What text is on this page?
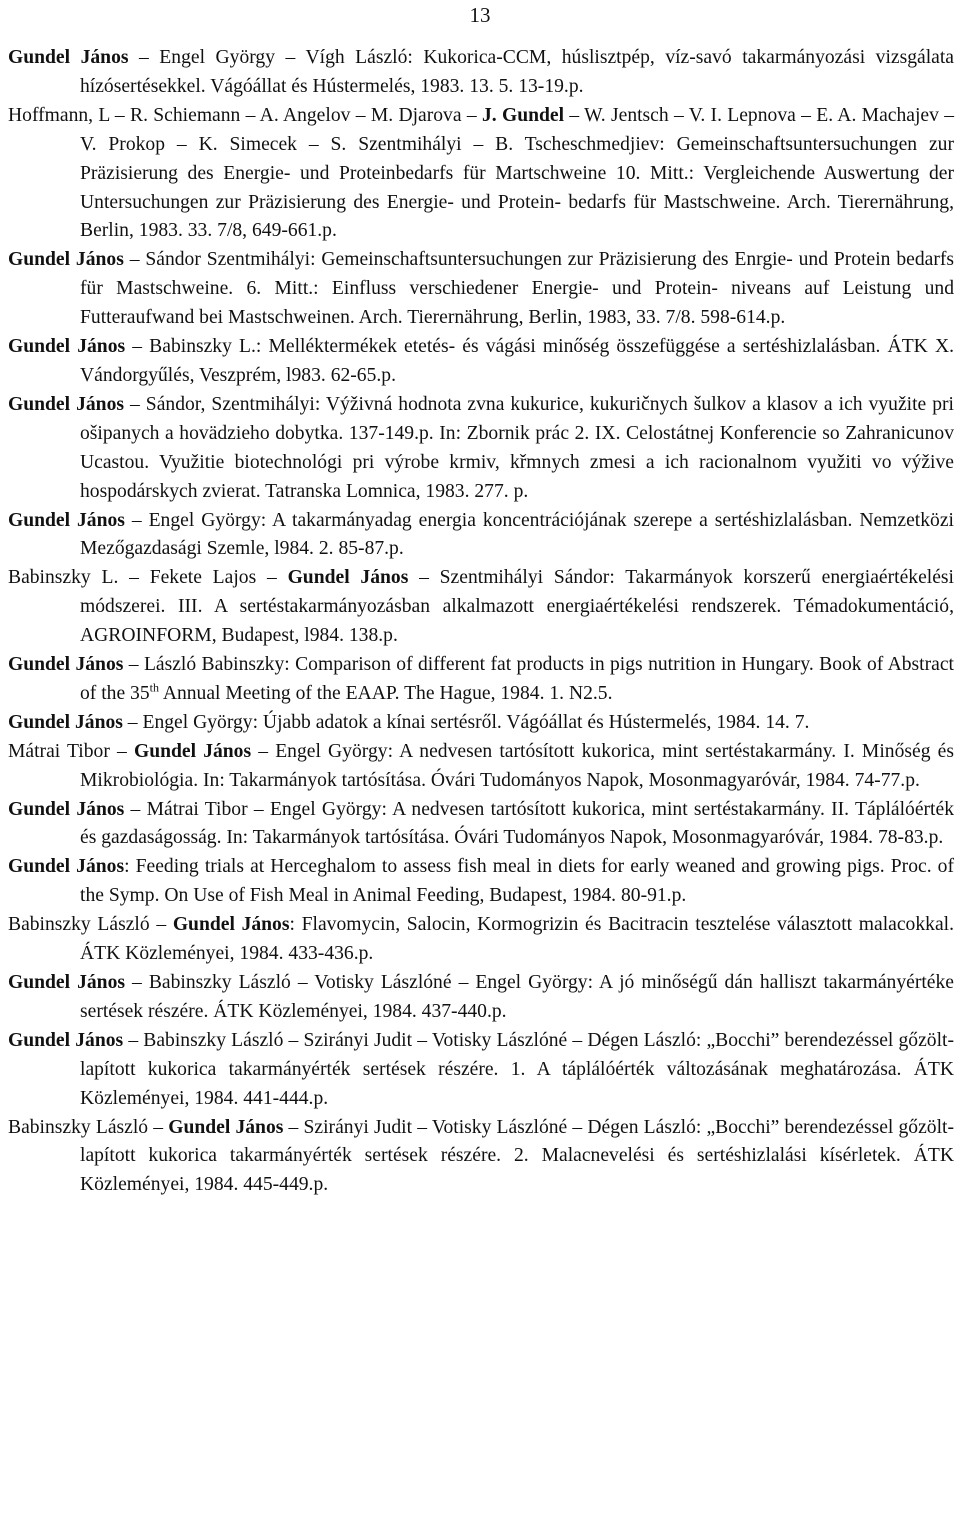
13

Gundel János – Engel György – Vígh László: Kukorica-CCM, húslisztpép, víz-savó takarmányozási vizsgálata hízósertésekkel. Vágóállat és Hústermelés, 1983. 13. 5. 13-19.p.

Hoffmann, L – R. Schiemann – A. Angelov – M. Djarova – J. Gundel – W. Jentsch – V. I. Lepnova – E. A. Machajev – V. Prokop – K. Simecek – S. Szentmihályi – B. Tscheschmedjiev: Gemeinschaftsuntersuchungen zur Präzisierung des Energie- und Proteinbedarfs für Martschweine 10. Mitt.: Vergleichende Auswertung der Untersuchungen zur Präzisierung des Energie- und Protein- bedarfs für Mastschweine. Arch. Tierernährung, Berlin, 1983. 33. 7/8, 649-661.p.

Gundel János – Sándor Szentmihályi: Gemeinschaftsuntersuchungen zur Präzisierung des Enrgie- und Protein bedarfs für Mastschweine. 6. Mitt.: Einfluss verschiedener Energie- und Protein- niveans auf Leistung und Futteraufwand bei Mastschweinen. Arch. Tierernährung, Berlin, 1983, 33. 7/8. 598-614.p.

Gundel János – Babinszky L.: Melléktermékek etetés- és vágási minőség összefüggése a sertéshizlalásban. ÁTK X. Vándorgyűlés, Veszprém, l983. 62-65.p.

Gundel János – Sándor, Szentmihályi: Výživná hodnota zvna kukurice, kukuričnych šulkov a klasov a ich využite pri ošipanych a hovädzieho dobytka. 137-149.p. In: Zbornik prác 2. IX. Celostátnej Konferencie so Zahranicunov Ucastou. Využitie biotechnológi pri výrobe krmiv, křmnych zmesi a ich racionalnom využiti vo výžive hospodárskych zvierat. Tatranska Lomnica, 1983. 277. p.

Gundel János – Engel György: A takarmányadag energia koncentrációjának szerepe a sertéshizlalásban. Nemzetközi Mezőgazdasági Szemle, l984. 2. 85-87.p.

Babinszky L. – Fekete Lajos – Gundel János – Szentmihályi Sándor: Takarmányok korszerű energiaértékelési módszerei. III. A sertéstakarmányozásban alkalmazott energiaértékelési rendszerek. Témadokumentáció, AGROINFORM, Budapest, l984. 138.p.

Gundel János – László Babinszky: Comparison of different fat products in pigs nutrition in Hungary. Book of Abstract of the 35th Annual Meeting of the EAAP. The Hague, 1984. 1. N2.5.

Gundel János – Engel György: Újabb adatok a kínai sertésről. Vágóállat és Hústermelés, 1984. 14. 7.

Mátrai Tibor – Gundel János – Engel György: A nedvesen tartósított kukorica, mint sertéstakarmány. I. Minőség és Mikrobiológia. In: Takarmányok tartósítása. Óvári Tudományos Napok, Mosonmagyaróvár, 1984. 74-77.p.

Gundel János – Mátrai Tibor – Engel György: A nedvesen tartósított kukorica, mint sertéstakarmány. II. Táplálóérték és gazdaságosság. In: Takarmányok tartósítása. Óvári Tudományos Napok, Mosonmagyaróvár, 1984. 78-83.p.

Gundel János: Feeding trials at Herceghalom to assess fish meal in diets for early weaned and growing pigs. Proc. of the Symp. On Use of Fish Meal in Animal Feeding, Budapest, 1984. 80-91.p.

Babinszky László – Gundel János: Flavomycin, Salocin, Kormogrizin és Bacitracin tesztelése választott malacokkal. ÁTK Közleményei, 1984. 433-436.p.

Gundel János – Babinszky László – Votisky Lászlóné – Engel György: A jó minőségű dán halliszt takarmányértéke sertések részére. ÁTK Közleményei, 1984. 437-440.p.

Gundel János – Babinszky László – Szirányi Judit – Votisky Lászlóné – Dégen László: „Bocchi” berendezéssel gőzölt-lapított kukorica takarmányérték sertések részére. 1. A táplálóérték változásának meghatározása. ÁTK Közleményei, 1984. 441-444.p.

Babinszky László – Gundel János – Szirányi Judit – Votisky Lászlóné – Dégen László: „Bocchi” berendezéssel gőzölt-lapított kukorica takarmányérték sertések részére. 2. Malacnevelési és sertéshizlalási kísérletek. ÁTK Közleményei, 1984. 445-449.p.
